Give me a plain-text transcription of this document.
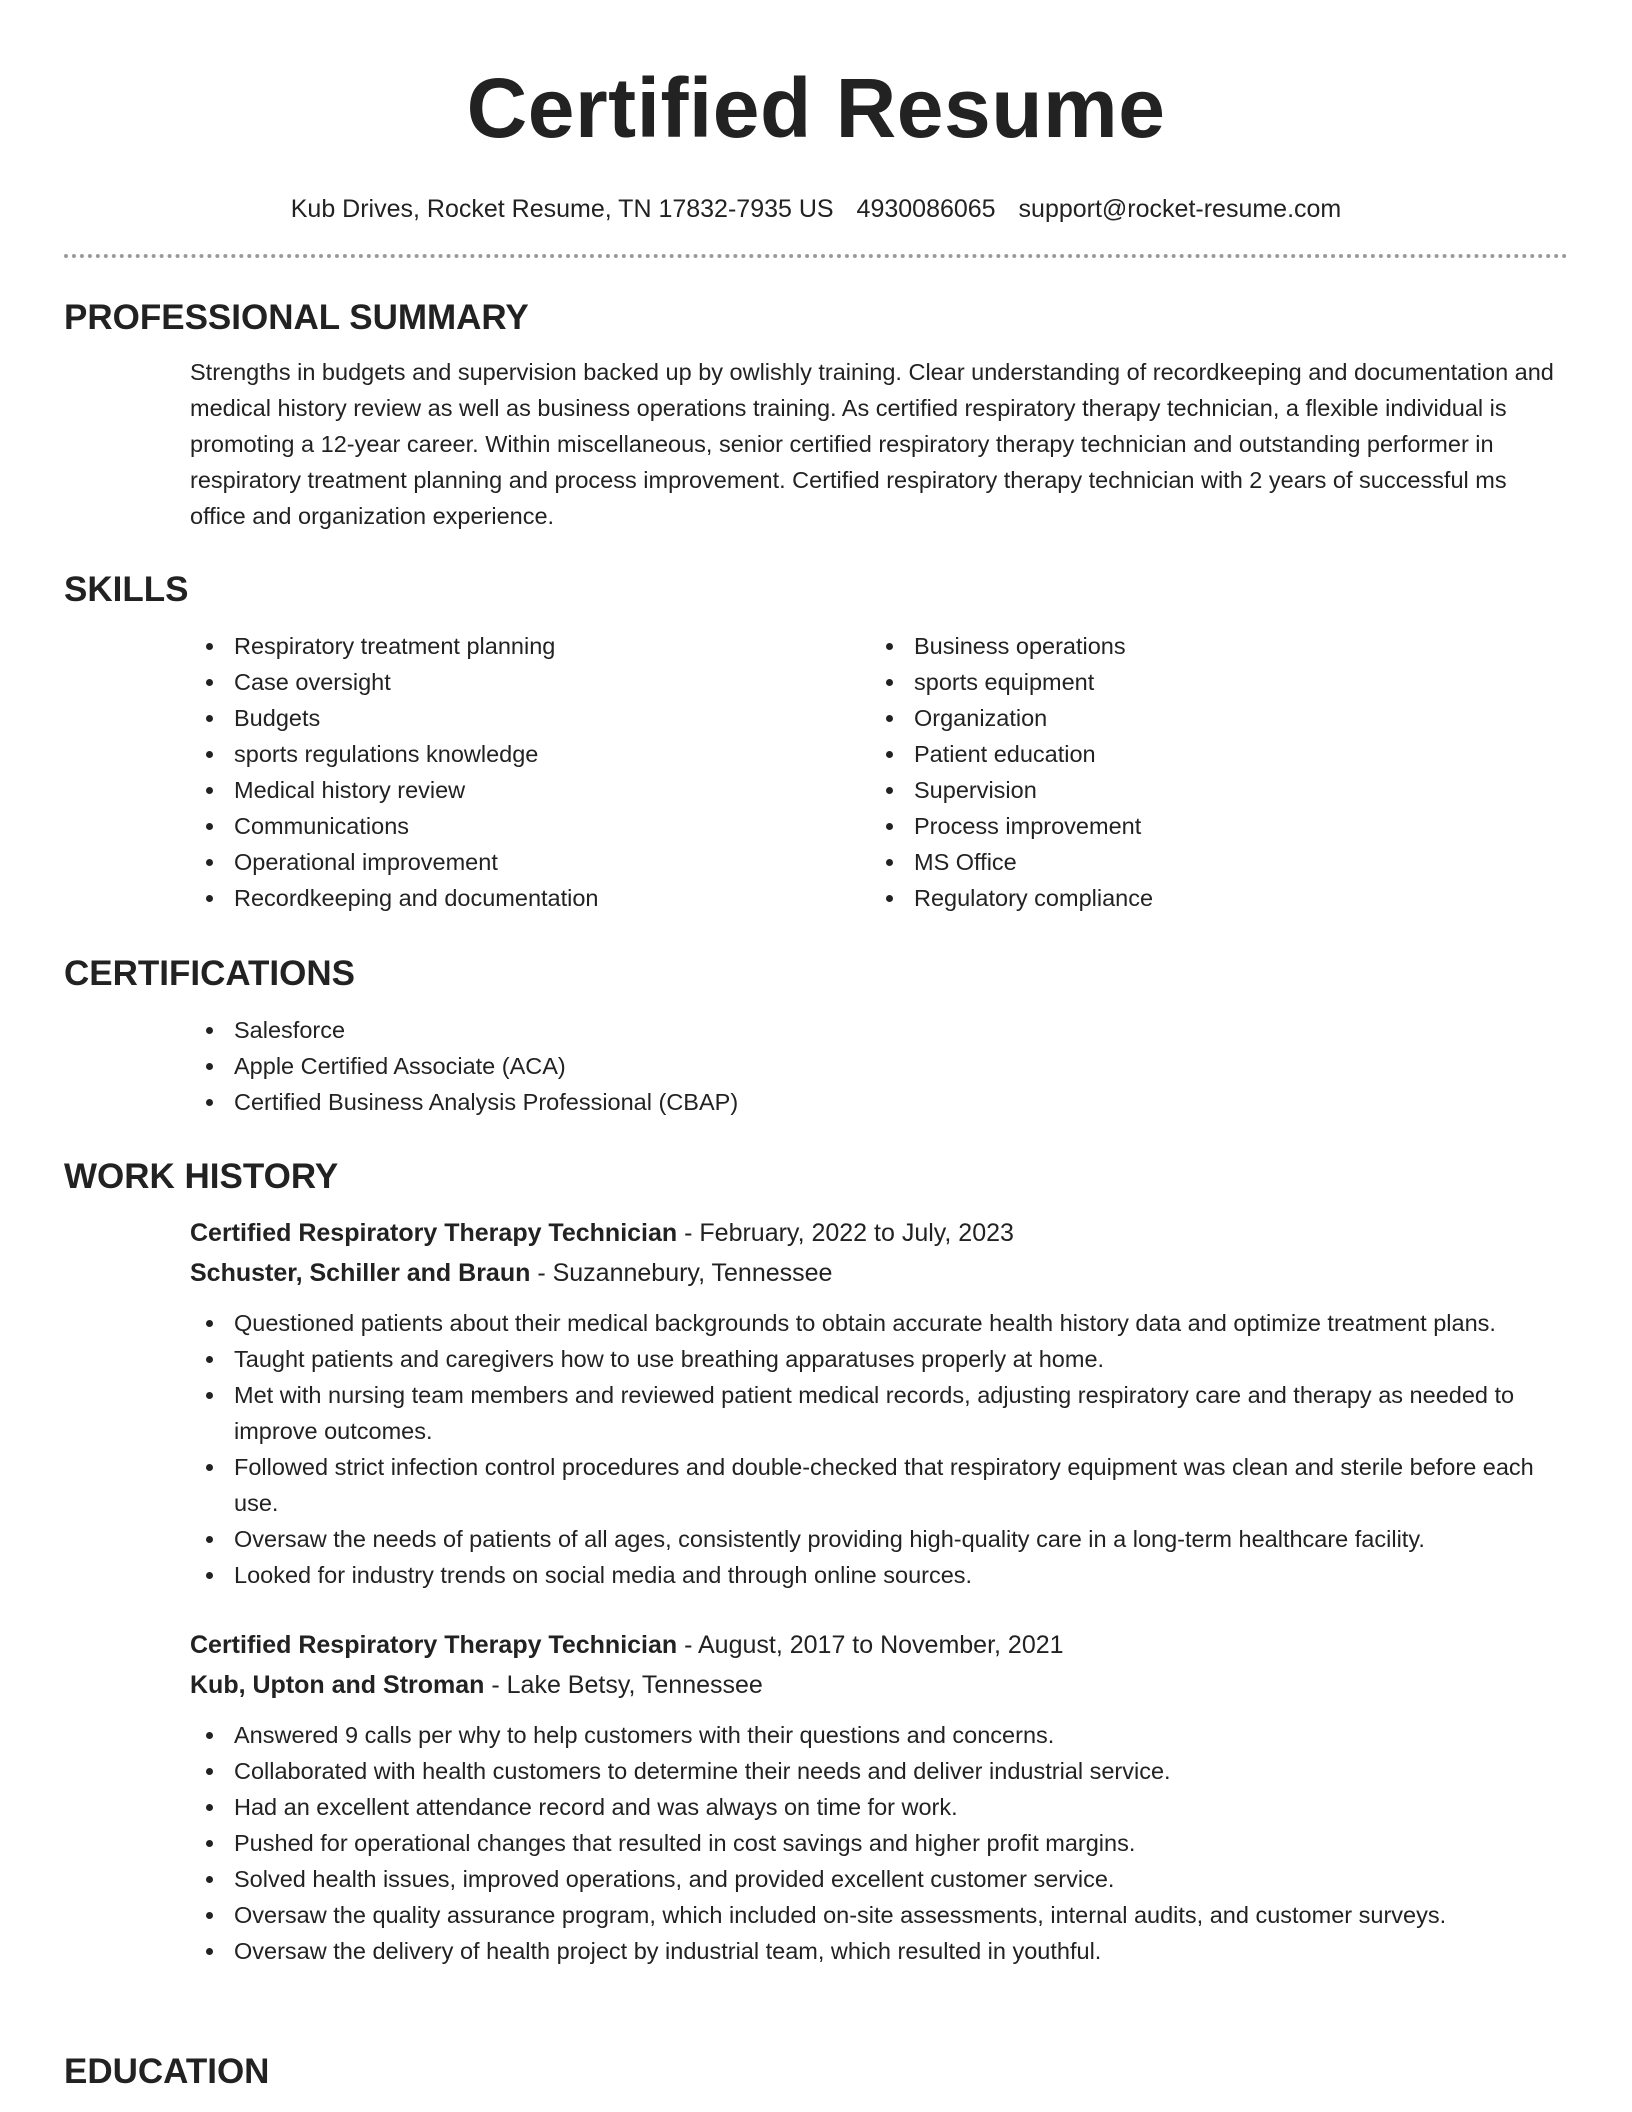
Certified Resume
Kub Drives, Rocket Resume, TN 17832-7935 US 4930086065 support@rocket-resume.com
PROFESSIONAL SUMMARY

Strengths in budgets and supervision backed up by owlishly training. Clear understanding of recordkeeping and documentation and medical history review as well as business operations training. As certified respiratory therapy technician, a flexible individual is promoting a 12-year career. Within miscellaneous, senior certified respiratory therapy technician and outstanding performer in respiratory treatment planning and process improvement. Certified respiratory therapy technician with 2 years of successful ms office and organization experience.

SKILLS
Respiratory treatment planning
Case oversight
Budgets
sports regulations knowledge
Medical history review
Communications
Operational improvement
Recordkeeping and documentation
Business operations
sports equipment
Organization
Patient education
Supervision
Process improvement
MS Office
Regulatory compliance
CERTIFICATIONS
Salesforce
Apple Certified Associate (ACA)
Certified Business Analysis Professional (CBAP)
WORK HISTORY
Certified Respiratory Therapy Technician - February, 2022 to July, 2023
Schuster, Schiller and Braun - Suzannebury, Tennessee
Questioned patients about their medical backgrounds to obtain accurate health history data and optimize treatment plans.
Taught patients and caregivers how to use breathing apparatuses properly at home.
Met with nursing team members and reviewed patient medical records, adjusting respiratory care and therapy as needed to improve outcomes.
Followed strict infection control procedures and double-checked that respiratory equipment was clean and sterile before each use.
Oversaw the needs of patients of all ages, consistently providing high-quality care in a long-term healthcare facility.
Looked for industry trends on social media and through online sources.
Certified Respiratory Therapy Technician - August, 2017 to November, 2021
Kub, Upton and Stroman - Lake Betsy, Tennessee
Answered 9 calls per why to help customers with their questions and concerns.
Collaborated with health customers to determine their needs and deliver industrial service.
Had an excellent attendance record and was always on time for work.
Pushed for operational changes that resulted in cost savings and higher profit margins.
Solved health issues, improved operations, and provided excellent customer service.
Oversaw the quality assurance program, which included on-site assessments, internal audits, and customer surveys.
Oversaw the delivery of health project by industrial team, which resulted in youthful.
EDUCATION
